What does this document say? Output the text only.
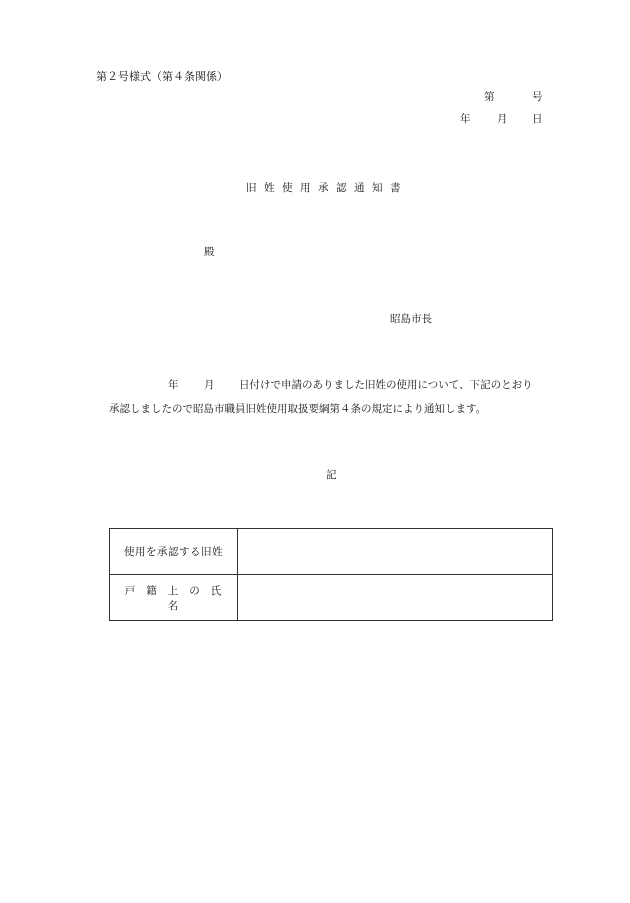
第２号様式（第４条関係）
第	号
年	月 日
旧姓使用承認通知書
殿
昭島市長
年 月 日付けで申請のありました旧姓の使用について、下記のとおり
承認しましたので昭島市職員旧姓使用取扱要綱第４条の規定により通知します。
記
使用を承認する旧姓	
戸籍上の氏名	
